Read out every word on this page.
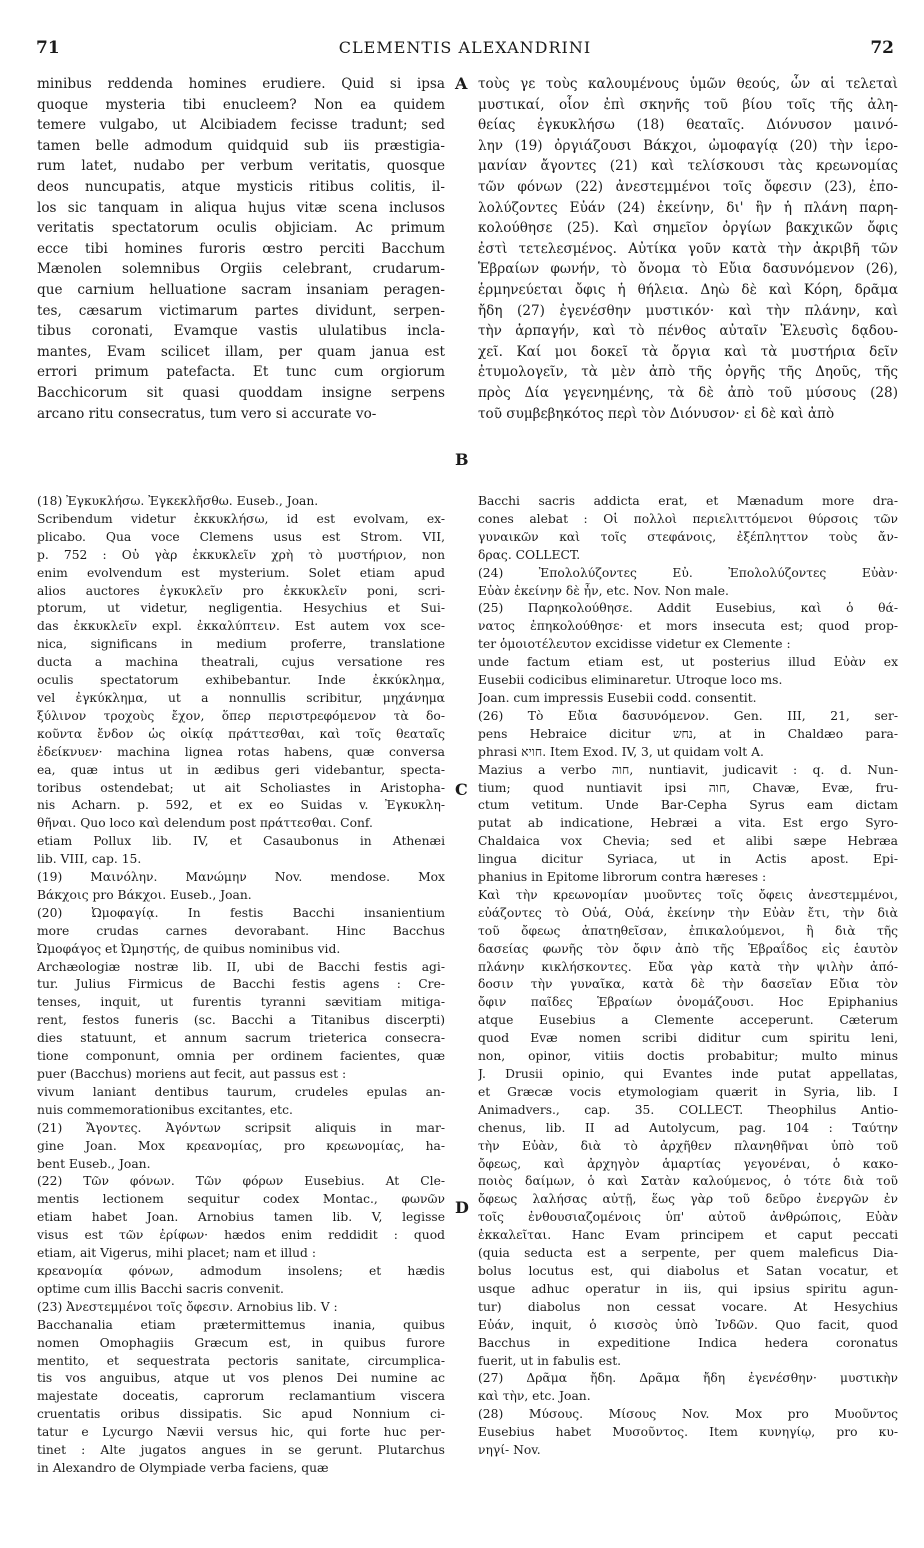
71	CLEMENTIS ALEXANDRINI	72
minibus reddenda homines erudiere. Quid si ipsa
quoque mysteria tibi enucleem? Non ea quidem
temere vulgabo, ut Alcibiadem fecisse tradunt; sed
tamen belle admodum quidquid sub iis præstigia-
rum latet, nudabo per verbum veritatis, quosque
deos nuncupatis, atque mysticis ritibus colitis, il-
los sic tanquam in aliqua hujus vitæ scena inclusos
veritatis spectatorum oculis objiciam. Ac primum
ecce tibi homines furoris œstro perciti Bacchum
Mænolen solemnibus Orgiis celebrant, crudarum-
que carnium helluatione sacram insaniam peragen-
tes, cæsarum victimarum partes dividunt, serpen-
tibus coronati, Evamque vastis ululatibus incla-
mantes, Evam scilicet illam, per quam janua est
errori primum patefacta. Et tunc cum orgiorum
Bacchicorum sit quasi quoddam insigne serpens
arcano ritu consecratus, tum vero si accurate vo-
τοὺς γε τοὺς καλουμένους ὑμῶν θεούς, ὧν αἱ τελεταὶ
μυστικαί, οἷον ἐπὶ σκηνῆς τοῦ βίου τοῖς τῆς ἀλη-
θείας ἐγκυκλήσω (18) θεαταῖς. Διόνυσον μαινό-
λην (19) ὀργιάζουσι Βάκχοι, ὠμοφαγίᾳ (20) τὴν ἱερο-
μανίαν ἄγοντες (21) καὶ τελίσκουσι τὰς κρεωνομίας
τῶν φόνων (22) ἀνεστεμμένοι τοῖς ὄφεσιν (23), ἐπο-
λολύζοντες Εὐάν (24) ἐκείνην, δι' ἣν ἡ πλάνη παρη-
κολούθησε (25). Καὶ σημεῖον ὀργίων βακχικῶν ὄφις
ἐστὶ τετελεσμένος. Αὐτίκα γοῦν κατὰ τὴν ἀκριβῆ τῶν
Ἑβραίων φωνήν, τὸ ὄνομα τὸ Εὔια δασυνόμενον (26),
ἑρμηνεύεται ὄφις ἡ θήλεια. Δηὼ δὲ καὶ Κόρη, δρᾶμα
ἤδη (27) ἐγενέσθην μυστικόν· καὶ τὴν πλάνην, καὶ
τὴν ἁρπαγήν, καὶ τὸ πένθος αὐταῖν Ἐλευσὶς δᾳδου-
χεῖ. Καί μοι δοκεῖ τὰ ὄργια καὶ τὰ μυστήρια δεῖν
ἐτυμολογεῖν, τὰ μὲν ἀπὸ τῆς ὀργῆς τῆς Δηοῦς, τῆς
πρὸς Δία γεγενημένης, τὰ δὲ ἀπὸ τοῦ μύσους (28)
τοῦ συμβεβηκότος περὶ τὸν Διόνυσον· εἰ δὲ καὶ ἀπὸ
A
B
C
D
(18) Ἐγκυκλήσω. Ἐγκεκλῆσθω. Euseb., Joan.
Scribendum videtur ἐκκυκλήσω, id est evolvam, ex-
plicabo. Qua voce Clemens usus est Strom. VII,
p. 752 : Οὐ γὰρ ἐκκυκλεῖν χρὴ τὸ μυστήριον, non
enim evolvendum est mysterium. Solet etiam apud
alios auctores ἐγκυκλεῖν pro ἐκκυκλεῖν poni, scri-
ptorum, ut videtur, negligentia. Hesychius et Sui-
das ἐκκυκλεῖν expl. ἐκκαλύπτειν. Est autem vox sce-
nica, significans in medium proferre, translatione
ducta a machina theatrali, cujus versatione res
oculis spectatorum exhibebantur. Inde ἐκκύκλημα,
vel ἐγκύκλημα, ut a nonnullis scribitur, μηχάνημα
ξύλινον τροχοὺς ἔχον, ὅπερ περιστρεφόμενον τὰ δο-
κοῦντα ἔνδον ὡς οἰκίᾳ πράττεσθαι, καὶ τοῖς θεαταῖς
ἐδείκνυεν· machina lignea rotas habens, quæ conversa
ea, quæ intus ut in ædibus geri videbantur, specta-
toribus ostendebat; ut ait Scholiastes in Aristopha-
nis Acharn. p. 592, et ex eo Suidas v. Ἐγκυκλη-
θῆναι. Quo loco καὶ delendum post πράττεσθαι. Conf.
etiam Pollux lib. IV, et Casaubonus in Athenæi
lib. VIII, cap. 15.
(19) Μαινόλην. Μανώμην Nov. mendose. Mox
Βάκχοις pro Βάκχοι. Euseb., Joan.
(20) Ὠμοφαγίᾳ. In festis Bacchi insanientium
more crudas carnes devorabant. Hinc Bacchus
Ὠμοφάγος et Ὠμηστής, de quibus nominibus vid.
Archæologiæ nostræ lib. II, ubi de Bacchi festis agi-
tur. Julius Firmicus de Bacchi festis agens : Cre-
tenses, inquit, ut furentis tyranni sævitiam mitiga-
rent, festos funeris (sc. Bacchi a Titanibus discerpti)
dies statuunt, et annum sacrum trieterica consecra-
tione componunt, omnia per ordinem facientes, quæ
puer (Bacchus) moriens aut fecit, aut passus est :
vivum laniant dentibus taurum, crudeles epulas an-
nuis commemorationibus excitantes, etc.
(21) Ἄγοντες. Ἀγόντων scripsit aliquis in mar-
gine Joan. Mox κρεανομίας, pro κρεωνομίας, ha-
bent Euseb., Joan.
(22) Τῶν φόνων. Τῶν φόρων Eusebius. At Cle-
mentis lectionem sequitur codex Montac., φωνῶν
etiam habet Joan. Arnobius tamen lib. V, legisse
visus est τῶν ἐρίφων· hædos enim reddidit : quod
etiam, ait Vigerus, mihi placet; nam et illud :
κρεανομία φόνων, admodum insolens; et hædis
optime cum illis Bacchi sacris convenit.
(23) Ἀνεστεμμένοι τοῖς ὄφεσιν. Arnobius lib. V :
Bacchanalia etiam prætermittemus inania, quibus
nomen Omophagiis Græcum est, in quibus furore
mentito, et sequestrata pectoris sanitate, circumplica-
tis vos anguibus, atque ut vos plenos Dei numine ac
majestate doceatis, caprorum reclamantium viscera
cruentatis oribus dissipatis. Sic apud Nonnium ci-
tatur e Lycurgo Nævii versus hic, qui forte huc per-
tinet : Alte jugatos angues in se gerunt. Plutarchus
in Alexandro de Olympiade verba faciens, quæ
Bacchi sacris addicta erat, et Mænadum more dra-
cones alebat : Οἱ πολλοὶ περιελιττόμενοι θύρσοις τῶν
γυναικῶν καὶ τοῖς στεφάνοις, ἐξέπληττον τοὺς ἄν-
δρας. COLLECT.
(24) Ἐπολολύζοντες Εὐ. Ἐπολολύζοντες Εὐὰν·
Εὐὰν ἐκείνην δὲ ἦν, etc. Nov. Non male.
(25) Παρηκολούθησε. Addit Eusebius, καὶ ὁ θά-
νατος ἐπηκολούθησε· et mors insecuta est; quod prop-
ter ὁμοιοτέλευτον excidisse videtur ex Clemente :
unde factum etiam est, ut posterius illud Εὐὰν ex
Eusebii codicibus eliminaretur. Utroque loco ms.
Joan. cum impressis Eusebii codd. consentit.
(26) Τὸ Εὔια δασυνόμενον. Gen. III, 21, ser-
pens Hebraice dicitur נחש, at in Chaldæo para-
phrasi חויא. Item Exod. IV, 3, ut quidam volt A.
Mazius a verbo חוה, nuntiavit, judicavit : q. d. Nun-
tium; quod nuntiavit ipsi חוה, Chavæ, Evæ, fru-
ctum vetitum. Unde Bar-Cepha Syrus eam dictam
putat ab indicatione, Hebræi a vita. Est ergo Syro-
Chaldaica vox Chevia; sed et alibi sæpe Hebræa
lingua dicitur Syriaca, ut in Actis apost. Epi-
phanius in Epitome librorum contra hæreses :
Καὶ τὴν κρεωνομίαν μυοῦντες τοῖς ὄφεις ἀνεστεμμένοι,
εὐάζοντες τὸ Οὐά, Οὐά, ἐκείνην τὴν Εὐὰν ἔτι, τὴν διὰ
τοῦ ὄφεως ἀπατηθεῖσαν, ἐπικαλούμενοι, ἢ διὰ τῆς
δασείας φωνῆς τὸν ὄφιν ἀπὸ τῆς Ἑβραΐδος εἰς ἑαυτὸν
πλάνην κικλήσκοντες. Εὔα γὰρ κατὰ τὴν ψιλὴν ἀπό-
δοσιν τὴν γυναῖκα, κατὰ δὲ τὴν δασεῖαν Εὔια τὸν
ὄφιν παῖδες Ἑβραίων ὀνομάζουσι. Hoc Epiphanius
atque Eusebius a Clemente acceperunt. Cæterum
quod Evæ nomen scribi diditur cum spiritu leni,
non, opinor, vitiis doctis probabitur; multo minus
J. Drusii opinio, qui Evantes inde putat appellatas,
et Græcæ vocis etymologiam quærit in Syria, lib. I
Animadvers., cap. 35. COLLECT. Theophilus Antio-
chenus, lib. II ad Autolycum, pag. 104 : Ταύτην
τὴν Εὐὰν, διὰ τὸ ἀρχῆθεν πλανηθῆναι ὑπὸ τοῦ
ὄφεως, καὶ ἀρχηγὸν ἁμαρτίας γεγονέναι, ὁ κακο-
ποιὸς δαίμων, ὁ καὶ Σατὰν καλούμενος, ὁ τότε διὰ τοῦ
ὄφεως λαλήσας αὐτῇ, ἕως γὰρ τοῦ δεῦρο ἐνεργῶν ἐν
τοῖς ἐνθουσιαζομένοις ὑπ' αὐτοῦ ἀνθρώποις, Εὐὰν
ἐκκαλεῖται. Hanc Evam principem et caput peccati
(quia seducta est a serpente, per quem maleficus Dia-
bolus locutus est, qui diabolus et Satan vocatur, et
usque adhuc operatur in iis, qui ipsius spiritu agun-
tur) diabolus non cessat vocare. At Hesychius
Εὐάν, inquit, ὁ κισσὸς ὑπὸ Ἰνδῶν. Quo facit, quod
Bacchus in expeditione Indica hedera coronatus
fuerit, ut in fabulis est.
(27) Δρᾶμα ἤδη. Δρᾶμα ἤδη ἐγενέσθην· μυστικὴν
καὶ τὴν, etc. Joan.
(28) Μύσους. Μίσους Nov. Mox pro Μυοῦντος
Eusebius habet Μυσοῦντος. Item κυνηγίῳ, pro κυ-
νηγί- Nov.
